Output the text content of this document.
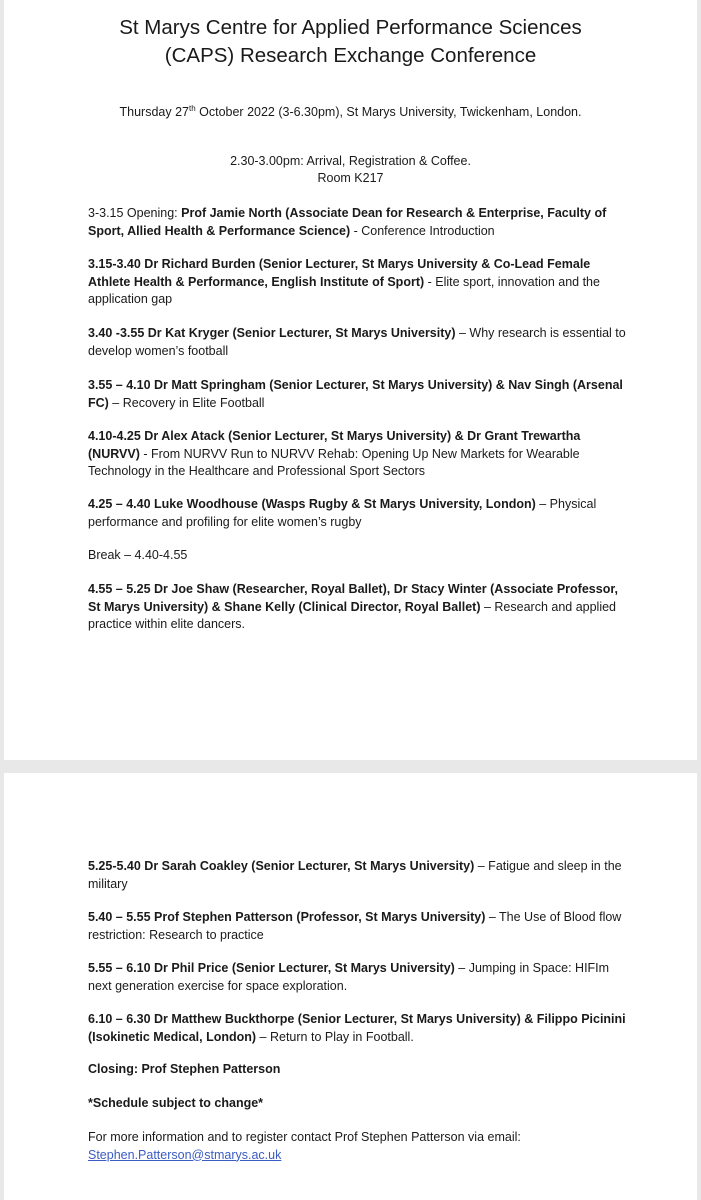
St Marys Centre for Applied Performance Sciences
(CAPS) Research Exchange Conference
Thursday 27th October 2022 (3-6.30pm), St Marys University, Twickenham, London.
2.30-3.00pm: Arrival, Registration & Coffee.
Room K217
3-3.15 Opening: Prof Jamie North (Associate Dean for Research & Enterprise, Faculty of Sport, Allied Health & Performance Science) - Conference Introduction
3.15-3.40 Dr Richard Burden (Senior Lecturer, St Marys University & Co-Lead Female Athlete Health & Performance, English Institute of Sport) - Elite sport, innovation and the application gap
3.40 -3.55 Dr Kat Kryger (Senior Lecturer, St Marys University) – Why research is essential to develop women’s football
3.55 – 4.10 Dr Matt Springham (Senior Lecturer, St Marys University) & Nav Singh (Arsenal FC) – Recovery in Elite Football
4.10-4.25 Dr Alex Atack (Senior Lecturer, St Marys University) & Dr Grant Trewartha (NURVV) - From NURVV Run to NURVV Rehab: Opening Up New Markets for Wearable Technology in the Healthcare and Professional Sport Sectors
4.25 – 4.40 Luke Woodhouse (Wasps Rugby & St Marys University, London) – Physical performance and profiling for elite women’s rugby
Break – 4.40-4.55
4.55 – 5.25 Dr Joe Shaw (Researcher, Royal Ballet), Dr Stacy Winter (Associate Professor, St Marys University) & Shane Kelly (Clinical Director, Royal Ballet) – Research and applied practice within elite dancers.
5.25-5.40 Dr Sarah Coakley (Senior Lecturer, St Marys University) – Fatigue and sleep in the military
5.40 – 5.55 Prof Stephen Patterson (Professor, St Marys University) – The Use of Blood flow restriction: Research to practice
5.55 – 6.10 Dr Phil Price (Senior Lecturer, St Marys University) – Jumping in Space: HIFIm next generation exercise for space exploration.
6.10 – 6.30 Dr Matthew Buckthorpe (Senior Lecturer, St Marys University) & Filippo Picinini (Isokinetic Medical, London) – Return to Play in Football.
Closing: Prof Stephen Patterson
*Schedule subject to change*
For more information and to register contact Prof Stephen Patterson via email:
Stephen.Patterson@stmarys.ac.uk
